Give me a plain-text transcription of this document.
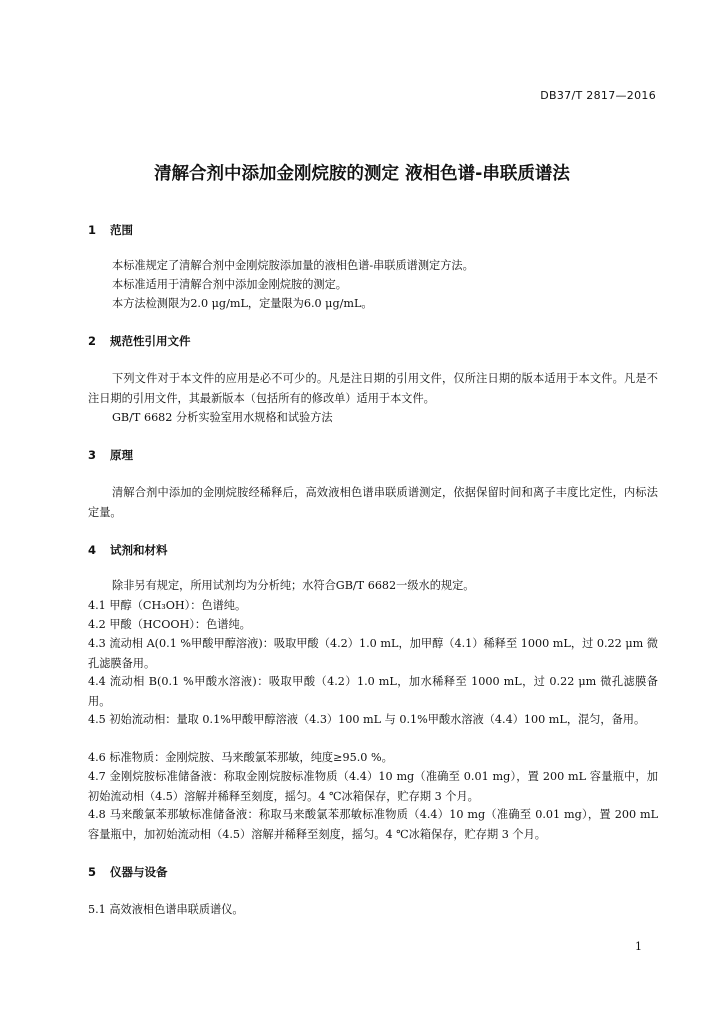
DB37/T 2817—2016
清解合剂中添加金刚烷胺的测定 液相色谱-串联质谱法
1 范围
本标准规定了清解合剂中金刚烷胺添加量的液相色谱-串联质谱测定方法。
本标准适用于清解合剂中添加金刚烷胺的测定。
本方法检测限为2.0 μg/mL，定量限为6.0 μg/mL。
2 规范性引用文件
下列文件对于本文件的应用是必不可少的。凡是注日期的引用文件，仅所注日期的版本适用于本文件。凡是不注日期的引用文件，其最新版本（包括所有的修改单）适用于本文件。
GB/T 6682 分析实验室用水规格和试验方法
3 原理
清解合剂中添加的金刚烷胺经稀释后，高效液相色谱串联质谱测定，依据保留时间和离子丰度比定性，内标法定量。
4 试剂和材料
除非另有规定，所用试剂均为分析纯；水符合GB/T 6682一级水的规定。
4.1 甲醇（CH₃OH）：色谱纯。
4.2 甲酸（HCOOH）：色谱纯。
4.3 流动相 A(0.1 %甲酸甲醇溶液)：吸取甲酸（4.2）1.0 mL，加甲醇（4.1）稀释至 1000 mL，过 0.22 μm 微孔滤膜备用。
4.4 流动相 B(0.1 %甲酸水溶液)：吸取甲酸（4.2）1.0 mL，加水稀释至 1000 mL，过 0.22 μm 微孔滤膜备用。
4.5 初始流动相：量取 0.1%甲酸甲醇溶液（4.3）100 mL 与 0.1%甲酸水溶液（4.4）100 mL，混匀，备用。
4.6 标准物质：金刚烷胺、马来酸氯苯那敏，纯度≥95.0 %。
4.7 金刚烷胺标准储备液：称取金刚烷胺标准物质（4.4）10 mg（准确至 0.01 mg），置 200 mL 容量瓶中，加初始流动相（4.5）溶解并稀释至刻度，摇匀。4 ℃冰箱保存，贮存期 3 个月。
4.8 马来酸氯苯那敏标准储备液：称取马来酸氯苯那敏标准物质（4.4）10 mg（准确至 0.01 mg），置 200 mL 容量瓶中，加初始流动相（4.5）溶解并稀释至刻度，摇匀。4 ℃冰箱保存，贮存期 3 个月。
5 仪器与设备
5.1 高效液相色谱串联质谱仪。
1
